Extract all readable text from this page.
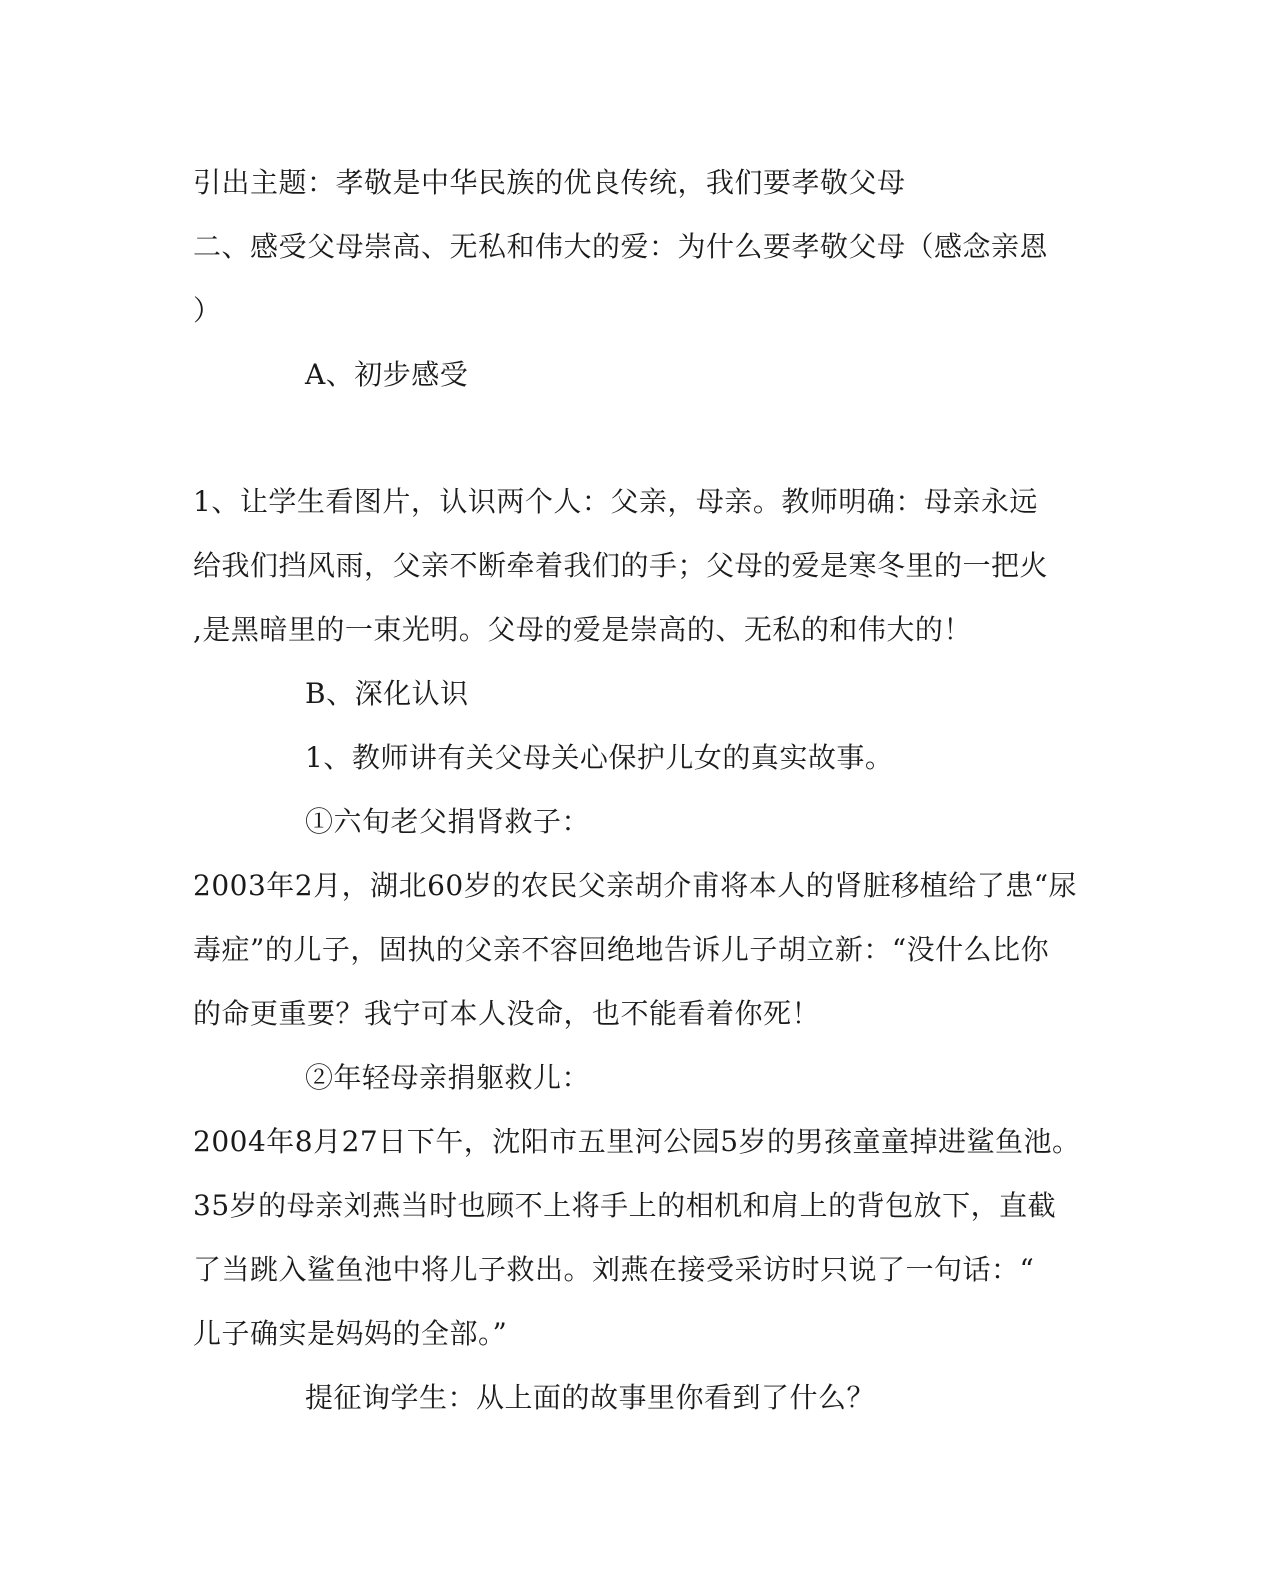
引出主题：孝敬是中华民族的优良传统，我们要孝敬父母
二、感受父母崇高、无私和伟大的爱：为什么要孝敬父母（感念亲恩
）
A、初步感受
1、让学生看图片，认识两个人：父亲，母亲。教师明确：母亲永远
给我们挡风雨，父亲不断牵着我们的手；父母的爱是寒冬里的一把火
,是黑暗里的一束光明。父母的爱是崇高的、无私的和伟大的！
B、深化认识
1、教师讲有关父母关心保护儿女的真实故事。
①六旬老父捐肾救子：
2003年2月，湖北60岁的农民父亲胡介甫将本人的肾脏移植给了患“尿
毒症”的儿子，固执的父亲不容回绝地告诉儿子胡立新：“没什么比你
的命更重要？我宁可本人没命，也不能看着你死！
②年轻母亲捐躯救儿：
2004年8月27日下午，沈阳市五里河公园5岁的男孩童童掉进鲨鱼池。
35岁的母亲刘燕当时也顾不上将手上的相机和肩上的背包放下，直截
了当跳入鲨鱼池中将儿子救出。刘燕在接受采访时只说了一句话：“
儿子确实是妈妈的全部。”
提征询学生：从上面的故事里你看到了什么？
